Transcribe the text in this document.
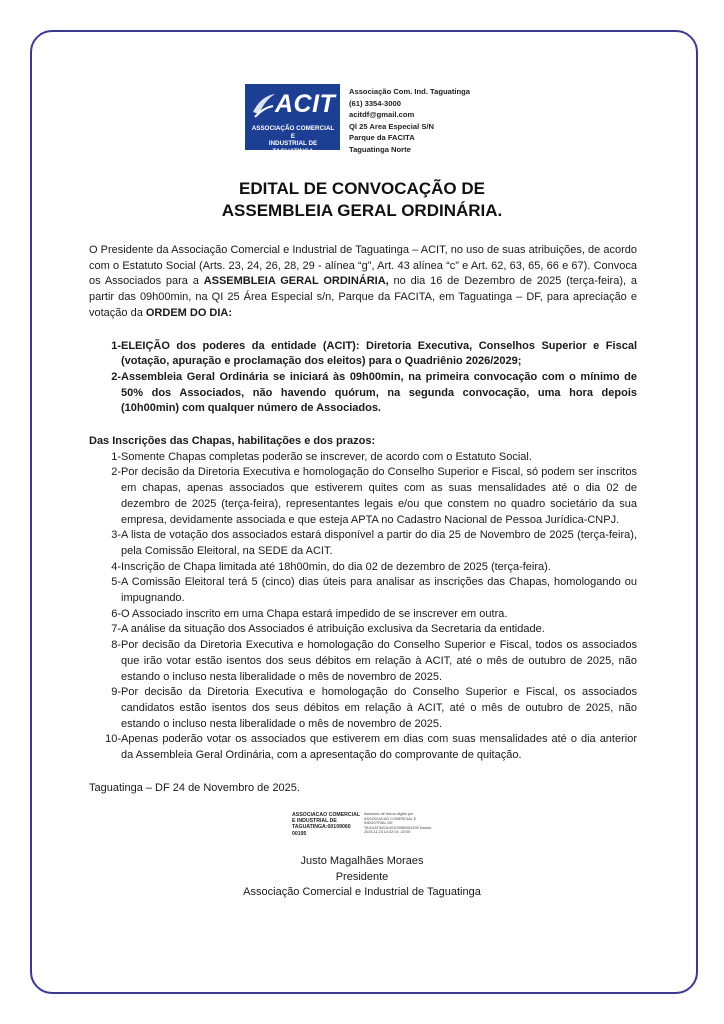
ACIT
ASSOCIAÇÃO COMERCIAL E
INDUSTRIAL DE TAGUATINGA
Associação Com. Ind. Taguatinga
(61) 3354-3000
acitdf@gmail.com
Ql 25 Area Especial S/N
Parque da FACITA
Taguatinga Norte
EDITAL DE CONVOCAÇÃO DE
ASSEMBLEIA GERAL ORDINÁRIA.

O Presidente da Associação Comercial e Industrial de Taguatinga – ACIT, no uso de suas atribuições, de acordo com o Estatuto Social (Arts. 23, 24, 26, 28, 29 - alínea “g”, Art. 43 alínea “c” e Art. 62, 63, 65, 66 e 67). Convoca os Associados para a ASSEMBLEIA GERAL ORDINÁRIA, no dia 16 de Dezembro de 2025 (terça-feira), a partir das 09h00min, na QI 25 Área Especial s/n, Parque da FACITA, em Taguatinga – DF, para apreciação e votação da ORDEM DO DIA:

1- ELEIÇÃO dos poderes da entidade (ACIT): Diretoria Executiva, Conselhos Superior e Fiscal (votação, apuração e proclamação dos eleitos) para o Quadriênio 2026/2029;
2- Assembleia Geral Ordinária se iniciará às 09h00min, na primeira convocação com o mínimo de 50% dos Associados, não havendo quórum, na segunda convocação, uma hora depois (10h00min) com qualquer número de Associados.
Das Inscrições das Chapas, habilitações e dos prazos:
1- Somente Chapas completas poderão se inscrever, de acordo com o Estatuto Social.
2- Por decisão da Diretoria Executiva e homologação do Conselho Superior e Fiscal, só podem ser inscritos em chapas, apenas associados que estiverem quites com as suas mensalidades até o dia 02 de dezembro de 2025 (terça-feira), representantes legais e/ou que constem no quadro societário da sua empresa, devidamente associada e que esteja APTA no Cadastro Nacional de Pessoa Jurídica-CNPJ.
3- A lista de votação dos associados estará disponível a partir do dia 25 de Novembro de 2025 (terça-feira), pela Comissão Eleitoral, na SEDE da ACIT.
4- Inscrição de Chapa limitada até 18h00min, do dia 02 de dezembro de 2025 (terça-feira).
5- A Comissão Eleitoral terá 5 (cinco) dias úteis para analisar as inscrições das Chapas, homologando ou impugnando.
6- O Associado inscrito em uma Chapa estará impedido de se inscrever em outra.
7- A análise da situação dos Associados é atribuição exclusiva da Secretaria da entidade.
8- Por decisão da Diretoria Executiva e homologação do Conselho Superior e Fiscal, todos os associados que irão votar estão isentos dos seus débitos em relação à ACIT, até o mês de outubro de 2025, não estando o incluso nesta liberalidade o mês de novembro de 2025.
9- Por decisão da Diretoria Executiva e homologação do Conselho Superior e Fiscal, os associados candidatos estão isentos dos seus débitos em relação à ACIT, até o mês de outubro de 2025, não estando o incluso nesta liberalidade o mês de novembro de 2025.
10- Apenas poderão votar os associados que estiverem em dias com suas mensalidades até o dia anterior da Assembleia Geral Ordinária, com a apresentação do comprovante de quitação.
Taguatinga – DF 24 de Novembro de 2025.
ASSOCIACAO COMERCIAL E INDUSTRIAL DE TAGUATINGA:00109060 00195
Assinado de forma digital por ASSOCIACAO COMERCIAL E INDUSTRIAL DE TAGUATINGA:00109060000195 Dados: 2025.11.23 14:32:04 -03'00'
Justo Magalhães Moraes
Presidente
Associação Comercial e Industrial de Taguatinga
